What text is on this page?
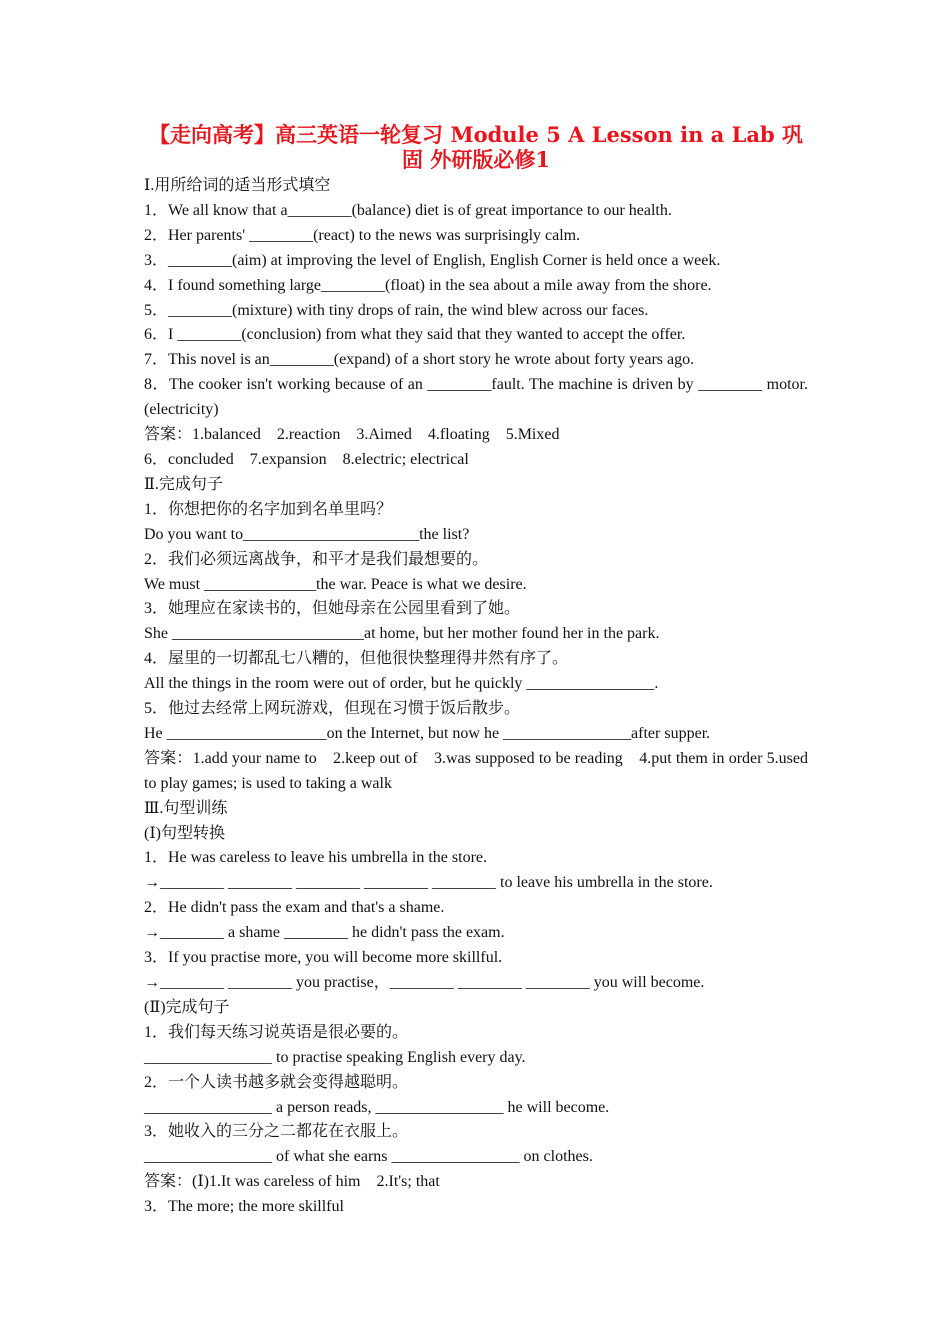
【走向高考】高三英语一轮复习 Module 5 A Lesson in a Lab 巩固 外研版必修1
Ⅰ.用所给词的适当形式填空
1．We all know that a________(balance) diet is of great importance to our health.
2．Her parents' ________(react) to the news was surprisingly calm.
3．________(aim) at improving the level of English, English Corner is held once a week.
4．I found something large________(float) in the sea about a mile away from the shore.
5．________(mixture) with tiny drops of rain, the wind blew across our faces.
6．I ________(conclusion) from what they said that they wanted to accept the offer.
7．This novel is an________(expand) of a short story he wrote about forty years ago.
8．The cooker isn't working because of an ________fault. The machine is driven by ________ motor.(electricity)
答案：1.balanced　2.reaction　3.Aimed　4.floating　5.Mixed
6．concluded　7.expansion　8.electric; electrical
Ⅱ.完成句子
1．你想把你的名字加到名单里吗？
Do you want to______________________the list?
2．我们必须远离战争，和平才是我们最想要的。
We must ______________the war. Peace is what we desire.
3．她理应在家读书的，但她母亲在公园里看到了她。
She ________________________at home, but her mother found her in the park.
4．屋里的一切都乱七八糟的，但他很快整理得井然有序了。
All the things in the room were out of order, but he quickly ________________.
5．他过去经常上网玩游戏，但现在习惯于饭后散步。
He ____________________on the Internet, but now he ________________after supper.
答案：1.add your name to　2.keep out of　3.was supposed to be reading　4.put them in order 5.used to play games; is used to taking a walk
Ⅲ.句型训练
(Ⅰ)句型转换
1．He was careless to leave his umbrella in the store.
→________ ________ ________ ________ ________ to leave his umbrella in the store.
2．He didn't pass the exam and that's a shame.
→________ a shame ________ he didn't pass the exam.
3．If you practise more, you will become more skillful.
→________ ________ you practise，________ ________ ________ you will become.
(Ⅱ)完成句子
1．我们每天练习说英语是很必要的。
________________ to practise speaking English every day.
2．一个人读书越多就会变得越聪明。
________________ a person reads, ________________ he will become.
3．她收入的三分之二都花在衣服上。
________________ of what she earns ________________ on clothes.
答案：(Ⅰ)1.It was careless of him　2.It's; that
3．The more; the more skillful
